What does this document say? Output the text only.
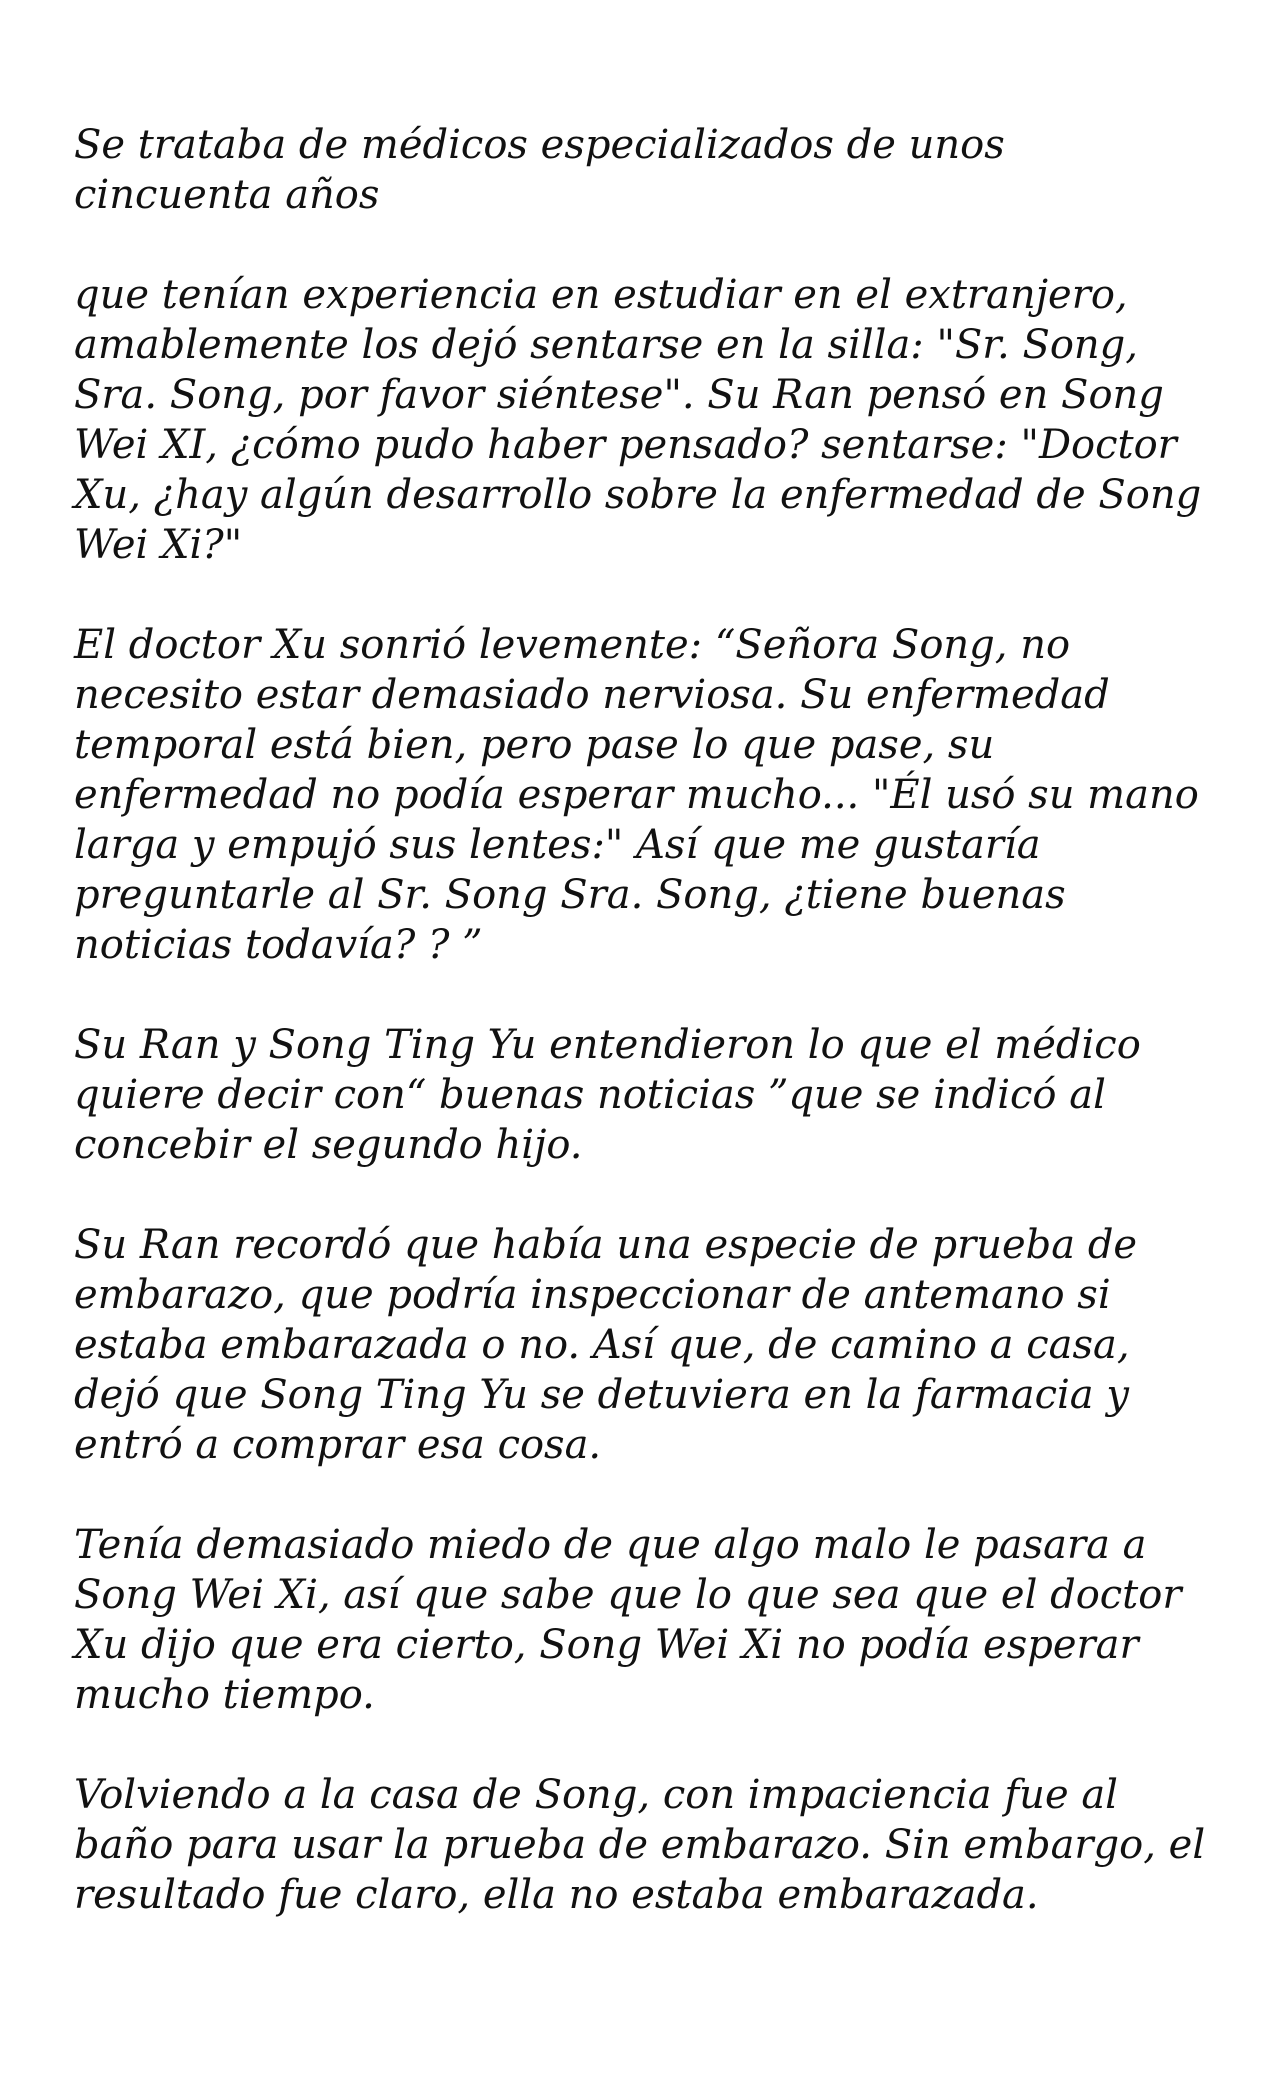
Se trataba de médicos especializados de unos cincuenta años

que tenían experiencia en estudiar en el extranjero, amablemente los dejó sentarse en la silla: "Sr. Song, Sra. Song, por favor siéntese". Su Ran pensó en Song Wei XI, ¿cómo pudo haber pensado? sentarse: "Doctor Xu, ¿hay algún desarrollo sobre la enfermedad de Song Wei Xi?"

El doctor Xu sonrió levemente: “Señora Song, no necesito estar demasiado nerviosa. Su enfermedad temporal está bien, pero pase lo que pase, su enfermedad no podía esperar mucho... "Él usó su mano larga y empujó sus lentes:" Así que me gustaría preguntarle al Sr. Song Sra. Song, ¿tiene buenas noticias todavía? ? ”

Su Ran y Song Ting Yu entendieron lo que el médico quiere decir con“ buenas noticias ”que se indicó al concebir el segundo hijo.

Su Ran recordó que había una especie de prueba de embarazo, que podría inspeccionar de antemano si estaba embarazada o no. Así que, de camino a casa, dejó que Song Ting Yu se detuviera en la farmacia y entró a comprar esa cosa.

Tenía demasiado miedo de que algo malo le pasara a Song Wei Xi, así que sabe que lo que sea que el doctor Xu dijo que era cierto, Song Wei Xi no podía esperar mucho tiempo.

Volviendo a la casa de Song, con impaciencia fue al baño para usar la prueba de embarazo. Sin embargo, el resultado fue claro, ella no estaba embarazada.
